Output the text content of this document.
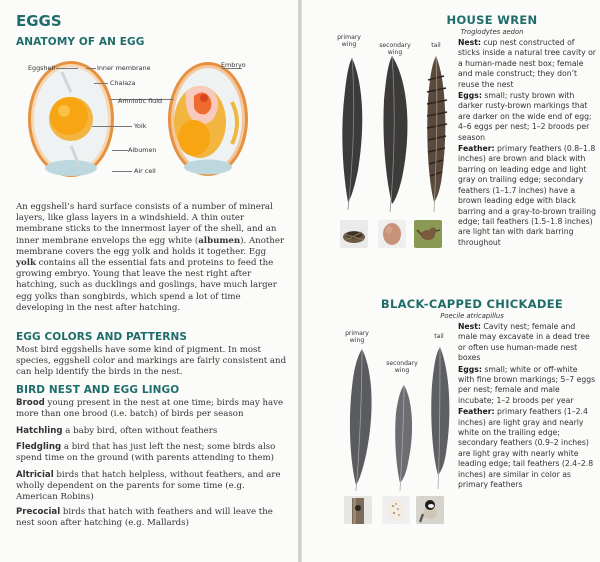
EGGS
ANATOMY OF AN EGG
Eggshell	Inner membrane
Chalaza
Amniotic fluid
Embryo
Yolk
Albumen
Air cell
An eggshell’s hard surface consists of a number of mineral layers, like glass layers in a windshield. A thin outer membrane sticks to the innermost layer of the shell, and an inner membrane envelops the egg white (albumen). Another membrane covers the egg yolk and holds it together. Egg yolk contains all the essential fats and proteins to feed the growing embryo. Young that leave the nest right after hatching, such as ducklings and goslings, have much larger egg yolks than songbirds, which spend a lot of time developing in the nest after hatching.
EGG COLORS AND PATTERNS
Most bird eggshells have some kind of pigment. In most species, eggshell color and markings are fairly consistent and can help identify the birds in the nest.
BIRD NEST AND EGG LINGO
Brood young present in the nest at one time; birds may have more than one brood (i.e. batch) of birds per season
Hatchling a baby bird, often without feathers
Fledgling a bird that has just left the nest; some birds also spend time on the ground (with parents attending to them)
Altricial birds that hatch helpless, without feathers, and are wholly dependent on the parents for some time (e.g. American Robins)
Precocial birds that hatch with feathers and will leave the nest soon after hatching (e.g. Mallards)
HOUSE WREN
Troglodytes aedon
primary wing	secondary wing
tail	Nest: cup nest constructed of sticks inside a natural tree cavity or a human-made nest box; female and male construct; they don’t reuse the nest

Eggs: small; rusty brown with darker rusty-brown markings that are darker on the wide end of egg; 4–6 eggs per nest; 1–2 broods per season

Feather: primary feathers (0.8–1.8 inches) are brown and black with barring on leading edge and light gray on trailing edge; secondary feathers (1–1.7 inches) have a brown leading edge with black barring and a gray-to-brown trailing edge; tail feathers (1.5–1.8 inches) are light tan with dark barring throughout

BLACK-CAPPED CHICKADEE
Poecile atricapillus
primary wing
secondary wing
tail

Nest: Cavity nest; female and male may excavate in a dead tree or often use human-made nest boxes

Eggs: small; white or off-white with fine brown markings; 5–7 eggs per nest; female and male incubate; 1–2 broods per year

Feather: primary feathers (1–2.4 inches) are light gray and nearly white on the trailing edge; secondary feathers (0.9–2 inches) are light gray with nearly white leading edge; tail feathers (2.4–2.8 inches) are similar in color as primary feathers
